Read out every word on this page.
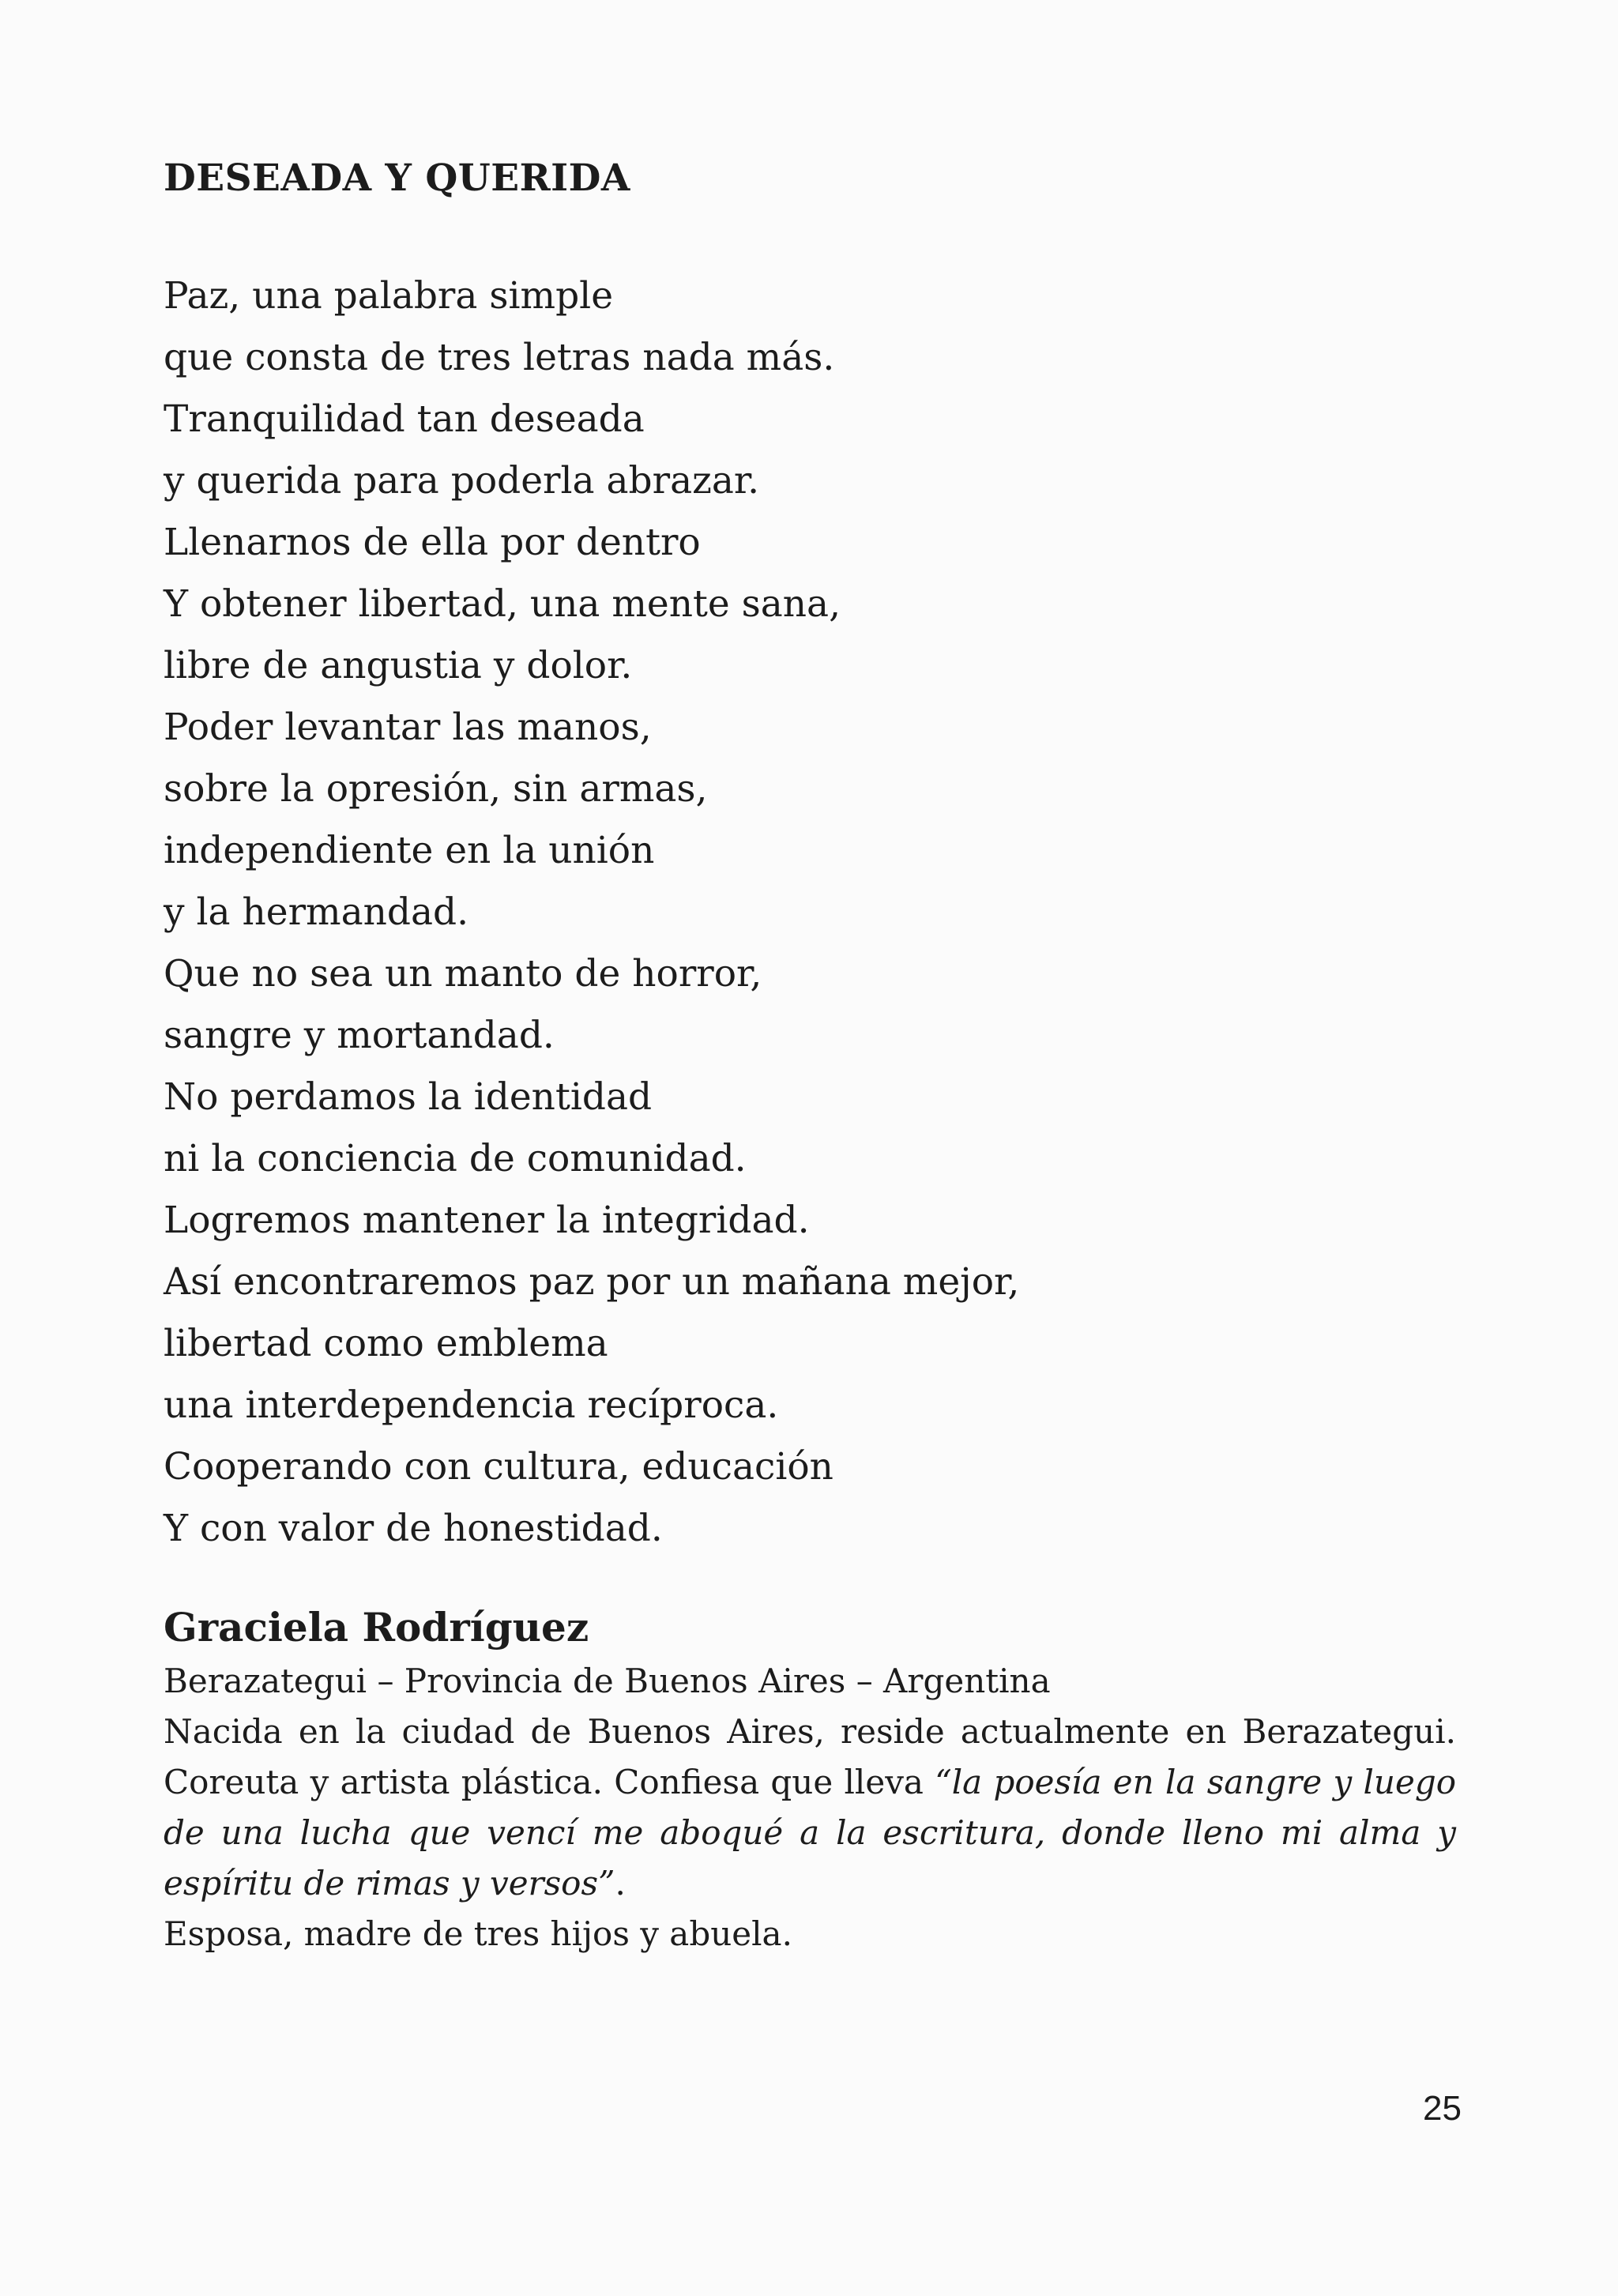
DESEADA Y QUERIDA
Paz, una palabra simple
que consta de tres letras nada más.
Tranquilidad tan deseada
y querida para poderla abrazar.
Llenarnos de ella por dentro
Y obtener libertad, una mente sana,
libre de angustia y dolor.
Poder levantar las manos,
sobre la opresión, sin armas,
independiente en la unión
y la hermandad.
Que no sea un manto de horror,
sangre y mortandad.
No perdamos la identidad
ni la conciencia de comunidad.
Logremos mantener la integridad.
Así encontraremos paz por un mañana mejor,
libertad como emblema
una interdependencia recíproca.
Cooperando con cultura, educación
Y con valor de honestidad.
Graciela Rodríguez

Berazategui – Provincia de Buenos Aires – Argentina

Nacida en la ciudad de Buenos Aires, reside actualmente en Berazategui. Coreuta y artista plástica. Confiesa que lleva “la poesía en la sangre y luego de una lucha que vencí me aboqué a la escritura, donde lleno mi alma y espíritu de rimas y versos”.

Esposa, madre de tres hijos y abuela.

25
